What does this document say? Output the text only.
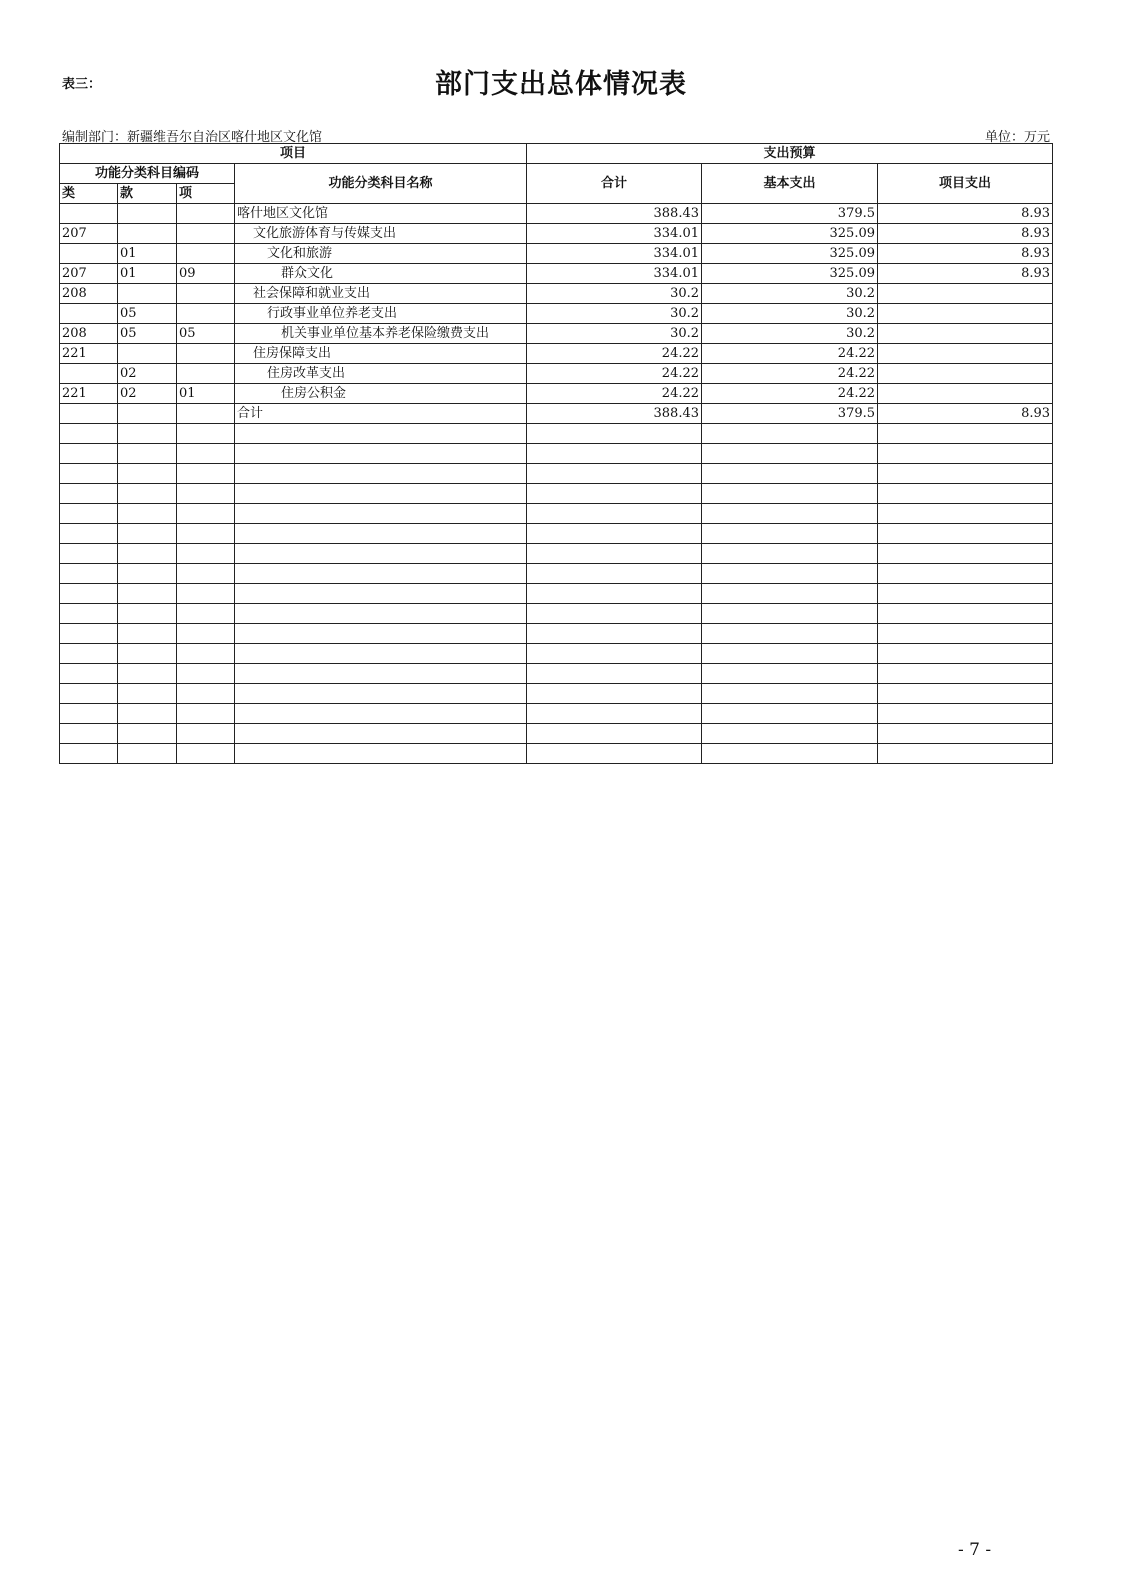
表三：	部门支出总体情况表
编制部门：新疆维吾尔自治区喀什地区文化馆	单位：万元
项目				支出预算		
功能分类科目编码			功能分类科目名称	合计	基本支出	项目支出
类	款	项				
			喀什地区文化馆	388.43	379.5	8.93
207			文化旅游体育与传媒支出	334.01	325.09	8.93
	01		文化和旅游	334.01	325.09	8.93
207	01	09	群众文化	334.01	325.09	8.93
208			社会保障和就业支出	30.2	30.2	
	05		行政事业单位养老支出	30.2	30.2	
208	05	05	机关事业单位基本养老保险缴费支出	30.2	30.2	
221			住房保障支出	24.22	24.22	
	02		住房改革支出	24.22	24.22	
221	02	01	住房公积金	24.22	24.22	
			合计	388.43	379.5	8.93

- 7 -
